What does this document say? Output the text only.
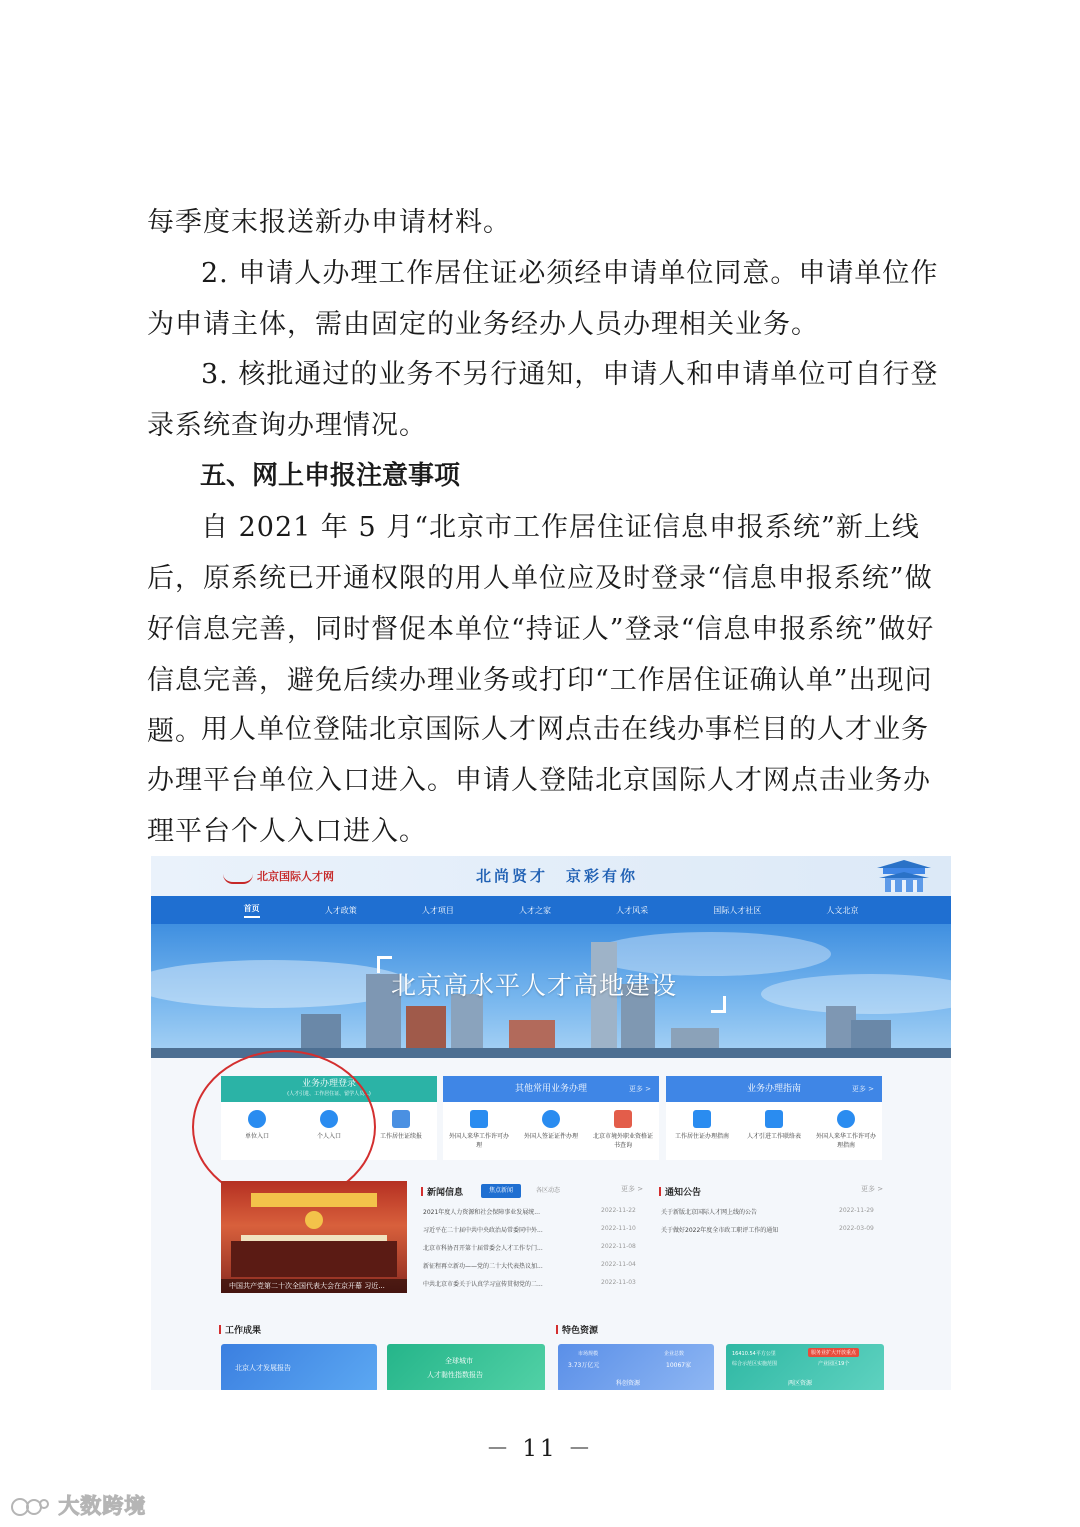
每季度末报送新办申请材料。

2. 申请人办理工作居住证必须经申请单位同意。申请单位作为申请主体，需由固定的业务经办人员办理相关业务。

3. 核批通过的业务不另行通知，申请人和申请单位可自行登录系统查询办理情况。

五、网上申报注意事项

自 2021 年 5 月“北京市工作居住证信息申报系统”新上线后，原系统已开通权限的用人单位应及时登录“信息申报系统”做好信息完善，同时督促本单位“持证人”登录“信息申报系统”做好信息完善，避免后续办理业务或打印“工作居住证确认单”出现问题。

用人单位登陆北京国际人才网点击在线办事栏目的人才业务办理平台单位入口进入。申请人登陆北京国际人才网点击业务办理平台个人入口进入。

北京国际人才网	北尚贤才　京彩有你
首页	人才政策	人才项目	人才之家	人才风采	国际人才社区	人文北京
北京高水平人才高地建设
业务办理登录
(人才引进、工作居住证、留学人员...)
单位入口	个人入口	工作居住证续报
其他常用业务办理	更多 >
外国人来华工作许可办理
外国人签证证件办理	北京市境外职业资格证书查询
业务办理指南	更多 >
工作居住证办理指南	人才引进工作联络表	外国人来华工作许可办理指南
中国共产党第二十次全国代表大会在京开幕 习近...
新闻信息	焦点新闻	各区动态	更多 >
2021年度人力资源和社会保障事业发展统...	2022-11-22
习近平在二十届中共中央政治局常委同中外...	2022-11-10
北京市科协召开第十届常委会人才工作专门...	2022-11-08
新征程再立新功——党的二十大代表热议加...	2022-11-04
中共北京市委关于认真学习宣传贯彻党的二...	2022-11-03
通知公告	更多 >
关于新版北京国际人才网上线的公告	2022-11-29
关于做好2022年度全市政工职评工作的通知	2022-03-09
工作成果
北京人才发展报告
全球城市
人才黏性指数报告
特色资源
市场规模
3.73万亿元
科创资源
企业总数
10067家
16410.54平方公里
综合示范区实施范围
服务业扩大开放重点
产业园区19个
两区资源
－ 11 －
大数跨境
